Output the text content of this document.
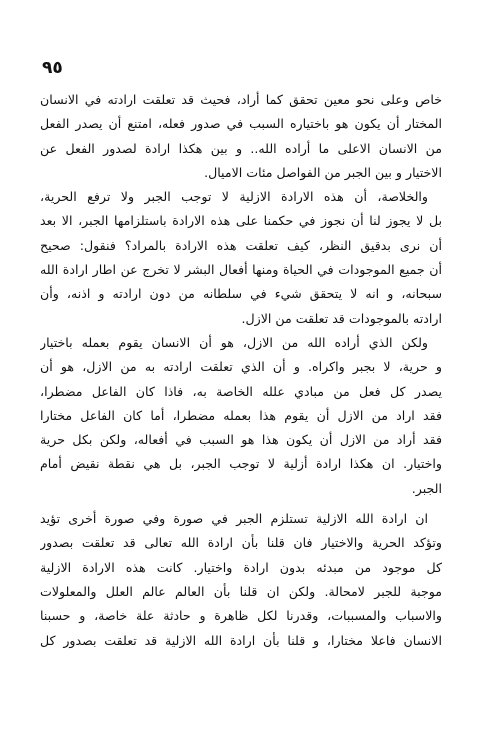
٩٥
خاص وعلى نحو معين تحقق كما أراد، فحيث قد تعلقت ارادته في الانسان
المختار أن يكون هو باختياره السبب في صدور فعله، امتنع أن يصدر الفعل
من الانسان الاعلى ما أراده الله.. و بين هكذا ارادة لصدور الفعل عن
الاختيار و بين الجبر من الفواصل مئات الاميال.
والخلاصة، أن هذه الارادة الازلية لا توجب الجبر ولا ترفع الحرية،
بل لا يجوز لنا أن نجوز في حكمنا على هذه الارادة باستلزامها الجبر، الا بعد
أن نرى بدقيق النظر، كيف تعلقت هذه الارادة بالمراد؟ فنقول: صحيح
أن جميع الموجودات في الحياة ومنها أفعال البشر لا تخرج عن اطار ارادة الله
سبحانه، و انه لا يتحقق شيء في سلطانه من دون ارادته و اذنه، وأن
ارادته بالموجودات قد تعلقت من الازل.
ولكن الذي أراده الله من الازل، هو أن الانسان يقوم بعمله باختيار
و حرية، لا بجبر واكراه. و أن الذي تعلقت ارادته به من الازل، هو أن
يصدر كل فعل من مبادي علله الخاصة به، فاذا كان الفاعل مضطرا،
فقد اراد من الازل أن يقوم هذا بعمله مضطرا، أما كان الفاعل مختارا
فقد أراد من الازل أن يكون هذا هو السبب في أفعاله، ولكن بكل حرية
واختيار. ان هكذا ارادة أزلية لا توجب الجبر، بل هي نقطة نقيض أمام
الجبر.
ان ارادة الله الازلية تستلزم الجبر في صورة وفي صورة أخرى تؤيد
وتؤكد الحرية والاختيار فان قلنا بأن ارادة الله تعالى قد تعلقت بصدور
كل موجود من مبدئه بدون ارادة واختيار. كانت هذه الارادة الازلية
موجبة للجبر لامحالة. ولكن ان قلنا بأن العالم عالم العلل والمعلولات
والاسباب والمسببات، وقدرنا لكل ظاهرة و حادثة علة خاصة، و حسبنا
الانسان فاعلا مختارا، و قلنا بأن ارادة الله الازلية قد تعلقت بصدور كل
